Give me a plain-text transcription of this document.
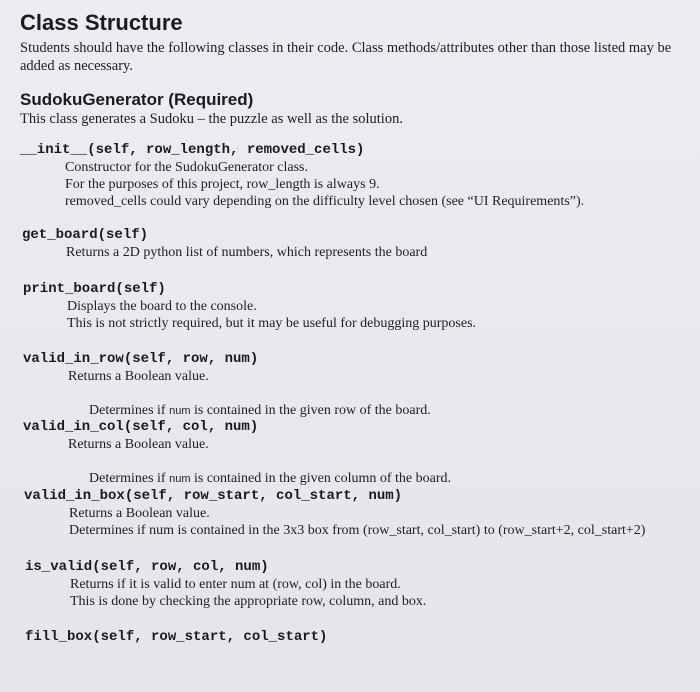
Class Structure

Students should have the following classes in their code. Class methods/attributes other than those listed may be added as necessary.

SudokuGenerator (Required)

This class generates a Sudoku – the puzzle as well as the solution.

__init__(self, row_length, removed_cells)
Constructor for the SudokuGenerator class.
For the purposes of this project, row_length is always 9.
removed_cells could vary depending on the difficulty level chosen (see “UI Requirements”).
get_board(self)
Returns a 2D python list of numbers, which represents the board
print_board(self)
Displays the board to the console.
This is not strictly required, but it may be useful for debugging purposes.
valid_in_row(self, row, num)
Returns a Boolean value.

Determines if num is contained in the given row of the board.

valid_in_col(self, col, num)
Returns a Boolean value.

Determines if num is contained in the given column of the board.

valid_in_box(self, row_start, col_start, num)
Returns a Boolean value.
Determines if num is contained in the 3x3 box from (row_start, col_start) to (row_start+2, col_start+2)
is_valid(self, row, col, num)
Returns if it is valid to enter num at (row, col) in the board.
This is done by checking the appropriate row, column, and box.
fill_box(self, row_start, col_start)
